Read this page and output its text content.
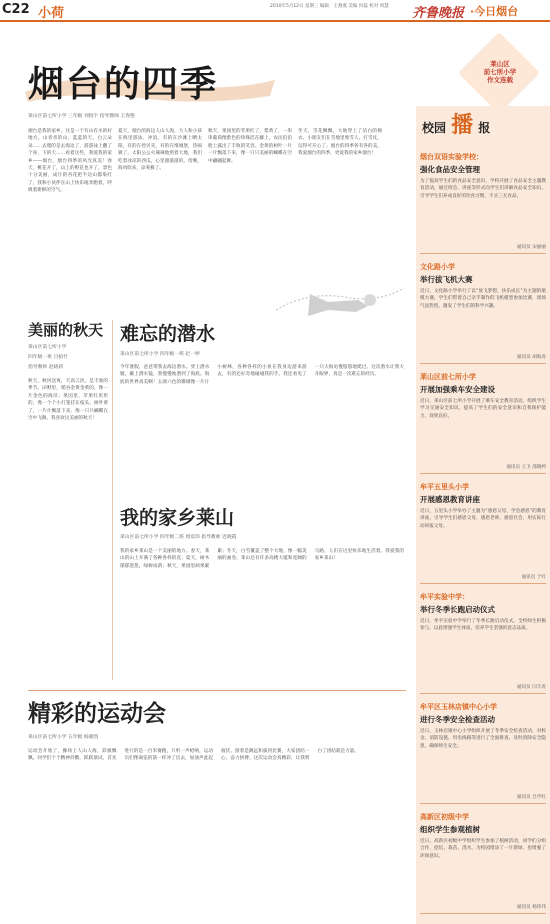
C22 小荷	2010年5月12日 星期三 编辑：王燕燕 美编 何磊 校对 周慧	齐鲁晚报 ·今日烟台
烟台的四季
莱山区前七所小学 三年级 刘悦宇 指导教师 王春艳
莱山区
前七所小学
作文连载
烟台是我的家乡，这是一个有山有水的好地方。山青青的山，蓝蓝的天，白云朵朵……去爬的是去海边了，游游泳上翻了个身，下的天……看着这些，我爱我的家乡——烟台，烟台四季的风光真美！春天，桃花开了，山上的野花也开了，景色十分美丽，成片的杏花把半边山都染红了，我和小伙伴在山上快乐地奔跑着，呼吸着新鲜的空气。
夏天，烟台的海边人山人海，大人和小孩在海里游泳、冲浪，有的在沙滩上晒太阳，有的在捡贝壳，有的在堆城堡，热闹极了。太阳公公火辣辣地照着大地，我们吃着冰凉的西瓜，心里甜滋滋的。傍晚，海风吹来，凉爽极了。
秋天，果园里的苹果红了，梨黄了，一串串葡萄像紫色的珍珠挂在藤上。农民伯伯脸上露出了丰收的笑容。金黄的树叶一片一片飘落下来，像一只只美丽的蝴蝶在空中翩翩起舞。
冬天，雪花飘飘，大地穿上了洁白的棉衣。小朋友们在雪地里堆雪人、打雪仗，玩得可开心了。烟台的四季各有各的美，我爱烟台的四季，更爱我的家乡烟台！
校园 播 报
烟台双语实验学校：
强化食品安全管理
为了提高学生们的食品安全意识，学校开展了食品安全主题教育活动，通过班会、讲座等形式向学生们讲解食品安全知识，引导学生们养成良好的饮食习惯，不买三无食品。
通讯员 宋丽丽
文化路小学
举行拔飞机大赛
近日，文化路小学举行了以“放飞梦想，快乐成长”为主题的航模大赛，学生们带着自己亲手制作的飞机模型参加比赛，现场气氛热烈，激发了学生们的科学兴趣。
通讯员 胡海涛
莱山区前七所小学
开展加强乘车安全建设
近日，莱山区前七所小学开展了乘车安全教育活动，组织学生学习交通安全知识，提高了学生们的安全意识和自我保护能力，效果良好。
通讯员 王卫 邵晓婷
牟平五里头小学
开展感恩教育讲座
近日，五里头小学举办了主题为“感恩父母，学会感恩”的教育讲座，引导学生们感恩父母、感恩老师、感恩社会，用实际行动回报父母。
通讯员 于红
牟平实验中学：
举行冬季长跑启动仪式
近日，牟平实验中学举行了冬季长跑启动仪式，全校师生积极参与，以此增强学生体质，培养学生坚强的意志品质。
通讯员 闫丰涛
牟平区玉林店镇中心小学
进行冬季安全检查活动
近日，玉林店镇中心小学组织开展了冬季安全检查活动，对校舍、消防设施、用电线路等进行了全面排查，及时消除安全隐患，确保师生安全。
通讯员 吕学红
高新区初级中学
组织学生参观植树
近日，高新区初级中学组织学生参加了植树活动，同学们分组合作，挖坑、栽苗、浇水，为校园增添了一片新绿，也增强了环保意识。
通讯员 杨伟伟
美丽的秋天
莱山区前七所小学
四年级一班 吕柏竹
指导教师 赵晓莉
秋天，秋风送爽，天高云淡，是丰收的季节。田野里，稻谷金黄金黄的，像一片金色的海洋；果园里，苹果红彤彤的，像一个个小灯笼挂在枝头。树叶黄了，一片片飘落下来，像一只只蝴蝶在空中飞舞。我喜欢这美丽的秋天！
难忘的潜水
莱山区前七所小学 四年级一班 赵一婷
今年暑假，爸爸带我去海边潜水。穿上潜水服，戴上潜水镜，我慢慢地潜到了海底。海底的世界真美啊！五颜六色的珊瑚像一片片小树林，各种各样的小鱼在我身边游来游去，有的还好奇地碰碰我的手。我还看见了一只大海龟慢悠悠地爬过。这次潜水让我大开眼界，真是一次难忘的经历。
我的家乡莱山
莱山区前七所小学 四年级二班 周宸玮 指导教师 迟晓霞
我的家乡莱山是一个美丽的地方。春天，莱山的山上开满了各种各样的花；夏天，树木郁郁葱葱，绿树成荫；秋天，果园里硕果累累；冬天，白雪覆盖了整个大地，像一幅美丽的画卷。莱山还有许多高楼大厦和宽阔的马路，人们在这里快乐地生活着。我爱我的家乡莱山！
精彩的运动会
莱山区前七所小学 五年级 杨骏凯
运动会开始了，操场上人山人海，彩旗飘飘。同学们个个精神抖擞，跃跃欲试。首先进行的是一百米赛跑，只听一声枪响，运动员们像离弦的箭一样冲了出去，加油声此起彼伏。接着是跳远和拔河比赛，大家团结一心，奋力拼搏。这次运动会真精彩，让我明白了团结就是力量。
